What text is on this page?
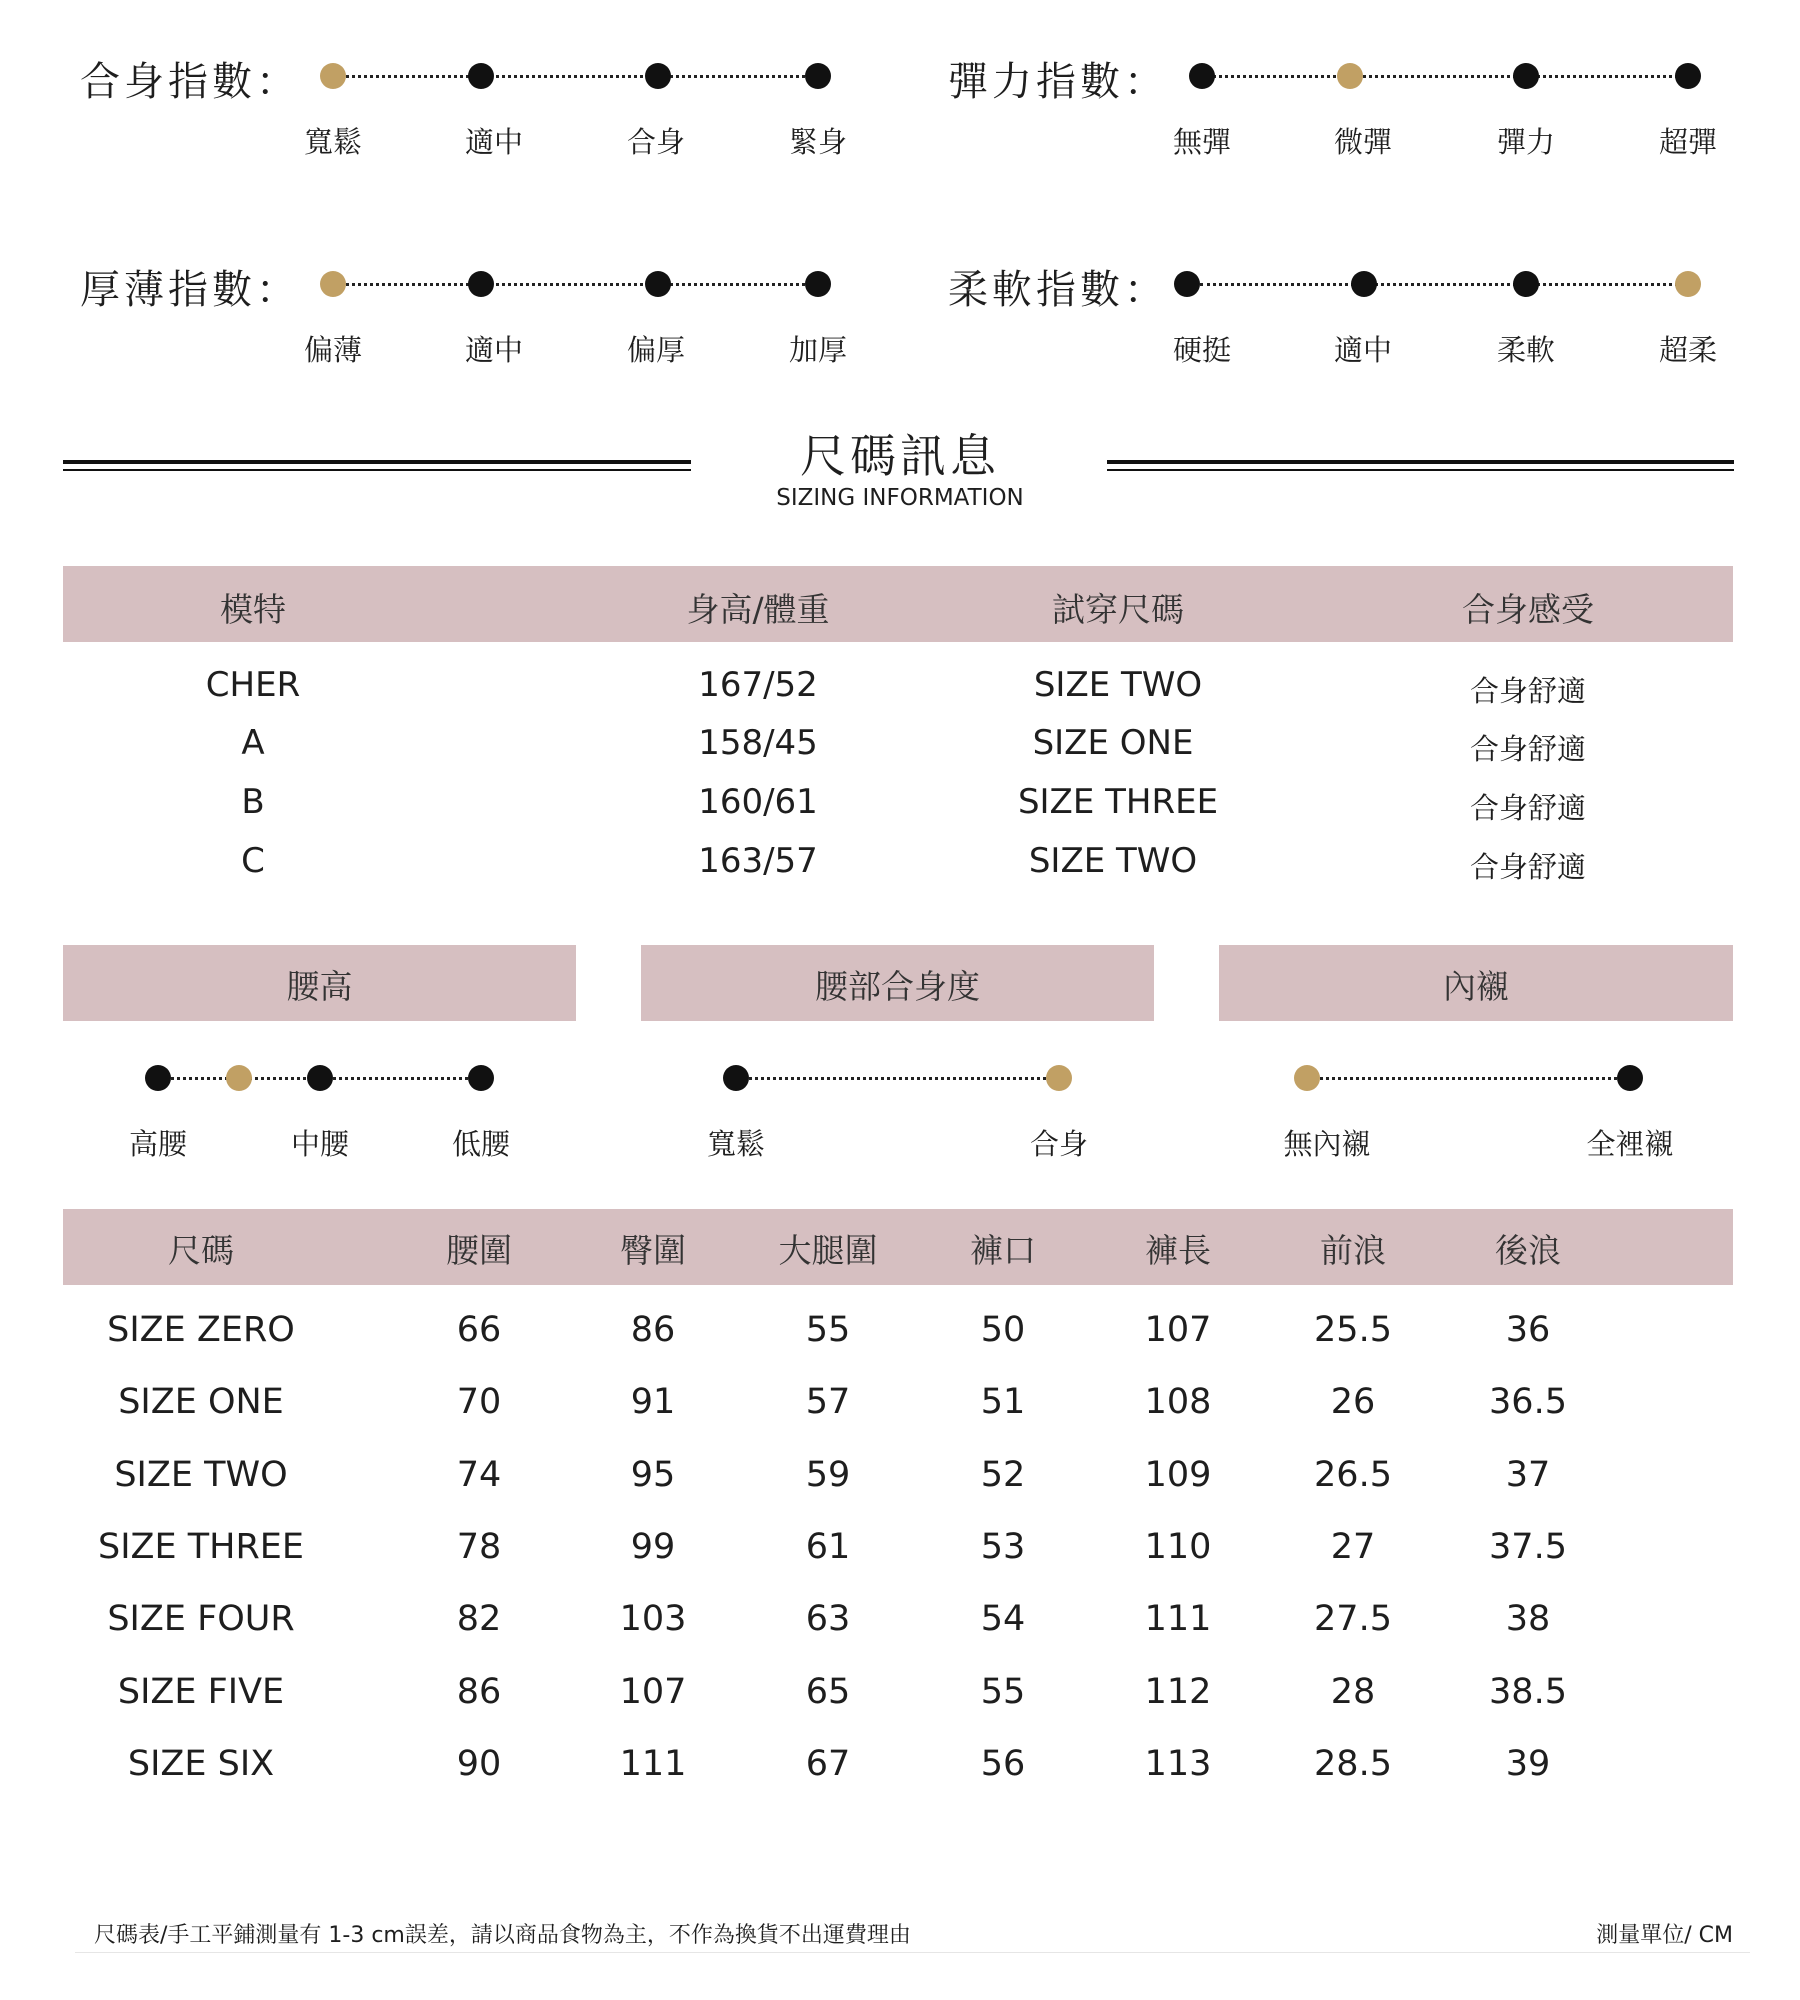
合身指數：
寬鬆	適中	合身	緊身
彈力指數：
無彈	微彈	彈力	超彈
厚薄指數：
偏薄	適中	偏厚	加厚
柔軟指數：
硬挺	適中	柔軟	超柔
尺碼訊息
SIZING INFORMATION
模特	身高/體重	試穿尺碼	合身感受
CHER	167/52	SIZE TWO	合身舒適
A	158/45	SIZE ONE	合身舒適
B	160/61	SIZE THREE	合身舒適
C	163/57	SIZE TWO	合身舒適
腰高	腰部合身度	內襯
高腰	中腰	低腰	寬鬆	合身	無內襯	全裡襯
尺碼	腰圍	臀圍	大腿圍	褲口	褲長	前浪	後浪
SIZE ZERO	66	86	55	50	107	25.5	36
SIZE ONE	70	91	57	51	108	26	36.5
SIZE TWO	74	95	59	52	109	26.5	37
SIZE THREE	78	99	61	53	110	27	37.5
SIZE FOUR	82	103	63	54	111	27.5	38
SIZE FIVE	86	107	65	55	112	28	38.5
SIZE SIX	90	111	67	56	113	28.5	39
尺碼表/手工平鋪測量有 1-3 cm誤差，請以商品食物為主，不作為換貨不出運費理由	測量單位/ CM
